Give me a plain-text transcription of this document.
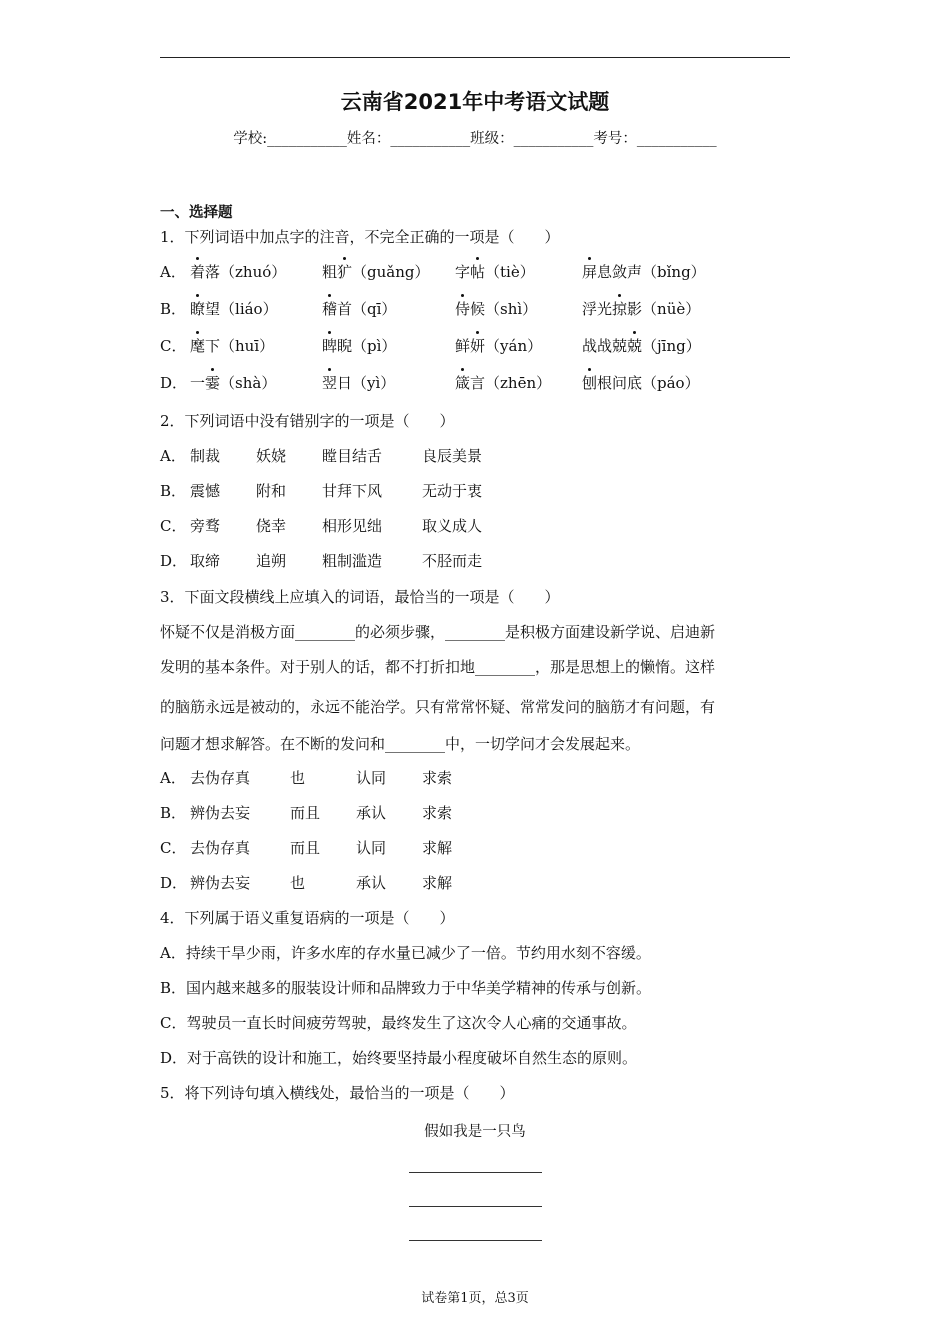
云南省2021年中考语文试题
学校:___________姓名：___________班级：___________考号：___________
一、选择题
1．下列词语中加点字的注音，不完全正确的一项是（　　）
A． 着落（zhuó） 粗犷（guǎng） 字帖（tiè）	屏息敛声（bǐng）
B． 瞭望（liáo）	稽首（qī）	侍候（shì）	浮光掠影（nüè）
C． 麾下（huī）	睥睨（pì）	鲜妍（yán）	战战兢兢（jīng）
D． 一霎（shà）	翌日（yì）	箴言（zhēn） 刨根问底（páo）
2．下列词语中没有错别字的一项是（　　）
A． 制裁 妖娆 瞠目结舌	良辰美景
B． 震憾 附和 甘拜下风	无动于衷
C． 旁骛 侥幸 相形见绌	取义成人
D． 取缔 追朔 粗制滥造	不胫而走
3．下面文段横线上应填入的词语，最恰当的一项是（　　）
怀疑不仅是消极方面________的必须步骤，________是积极方面建设新学说、启迪新
发明的基本条件。对于别人的话，都不打折扣地________，那是思想上的懒惰。这样
的脑筋永远是被动的，永远不能治学。只有常常怀疑、常常发问的脑筋才有问题，有
问题才想求解答。在不断的发问和________中，一切学问才会发展起来。
A． 去伪存真	也	认同 求索
B． 辨伪去妄	而且 承认 求索
C． 去伪存真	而且 认同 求解
D． 辨伪去妄	也	承认 求解
4．下列属于语义重复语病的一项是（　　）
A．持续干旱少雨，许多水库的存水量已减少了一倍。节约用水刻不容缓。
B．国内越来越多的服装设计师和品牌致力于中华美学精神的传承与创新。
C．驾驶员一直长时间疲劳驾驶，最终发生了这次令人心痛的交通事故。
D．对于高铁的设计和施工，始终要坚持最小程度破坏自然生态的原则。
5．将下列诗句填入横线处，最恰当的一项是（　　）
假如我是一只鸟
试卷第1页，总3页
